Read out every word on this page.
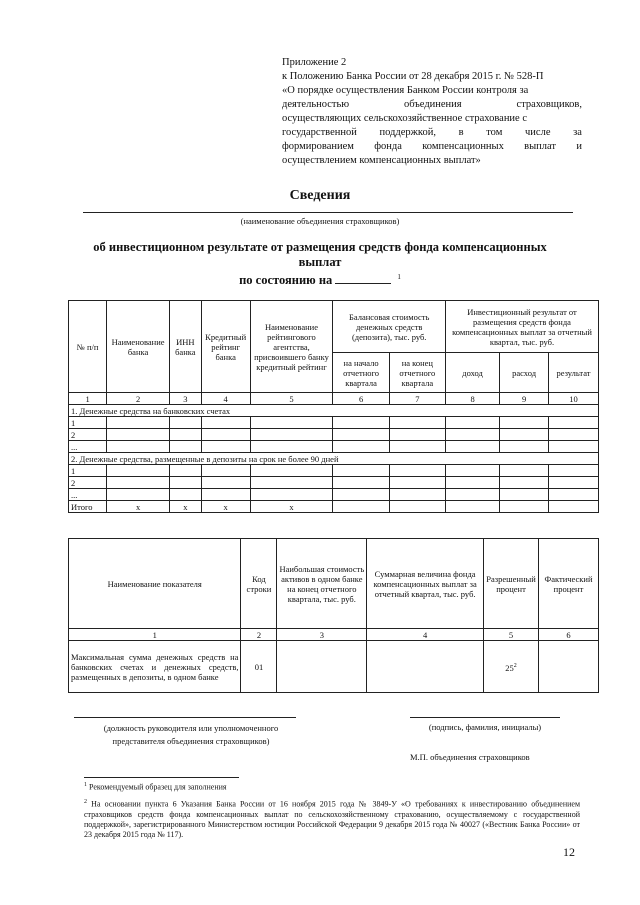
Приложение 2
к Положению Банка России от 28 декабря 2015 г. № 528-П
«О порядке осуществления Банком России контроля за
деятельностью	объединения	страховщиков,
осуществляющих сельскохозяйственное страхование с
государственной поддержкой, в том числе за
формированием фонда компенсационных выплат и
осуществлением компенсационных выплат»
Сведения
(наименование объединения страховщиков)
об инвестиционном результате от размещения средств фонда компенсационных
выплат
по состоянию на	$^1$
№ п/п	Наименование банка	ИНН банка	Кредитный рейтинг банка	Наименование рейтингового агентства, присвоившего банку кредитный рейтинг	Балансовая стоимость денежных средств (депозита), тыс. руб.		Инвестиционный результат от размещения средств фонда компенсационных выплат за отчетный квартал, тыс. руб.		
					на начало отчетного квартала	на конец отчетного квартала	доход	расход	результат
1	2	3	4	5	6	7	8	9	10
1. Денежные средства на банковских счетах									
1									
2									
...									
2. Денежные средства, размещенные в депозиты на срок не более 90 дней									
1									
2									
...									
Итого	x	x	x	x					
Наименование показателя	Код строки	Наибольшая стоимость активов в одном банке на конец отчетного квартала, тыс. руб.	Суммарная величина фонда компенсационных выплат за отчетный квартал, тыс. руб.	Разрешенный процент	Фактический процент
1	2	3	4	5	6
Максимальная сумма денежных средств на банковских счетах и денежных средств, размещенных в депозиты, в одном банке	01			$25^2$	
(должность руководителя или уполномоченного
представителя объединения страховщиков)
(подпись, фамилия, инициалы)
М.П. объединения страховщиков
$^1$ Рекомендуемый образец для заполнения
$^2$ На основании пункта 6 Указания Банка России от 16 ноября 2015 года № 3849-У «О требованиях к инвестированию объединением страховщиков средств фонда компенсационных выплат по сельскохозяйственному страхованию, осуществляемому с государственной поддержкой», зарегистрированного Министерством юстиции Российской Федерации 9 декабря 2015 года № 40027 («Вестник Банка России» от 23 декабря 2015 года № 117).
12
